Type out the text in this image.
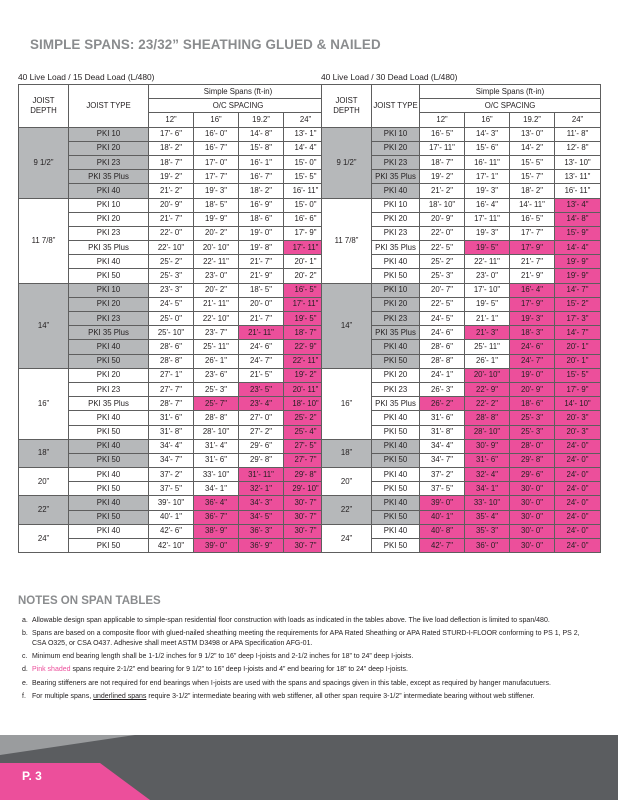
SIMPLE SPANS: 23/32” SHEATHING GLUED & NAILED
40 Live Load / 15 Dead Load (L/480)
JOIST DEPTH	JOIST TYPE	Simple Spans (ft-in)			
		O/C SPACING			
		12”	16”	19.2”	24”
9 1/2”	PKI 10	17'- 6"	16'- 0"	14'- 8"	13'- 1"
	PKI 20	18'- 2"	16'- 7"	15'- 8"	14'- 4"
	PKI 23	18'- 7"	17'- 0"	16'- 1"	15'- 0"
	PKI 35 Plus	19'- 2"	17'- 7"	16'- 7"	15'- 5"
	PKI 40	21'- 2"	19'- 3"	18'- 2"	16'- 11"
11 7/8”	PKI 10	20'- 9"	18'- 5"	16'- 9"	15'- 0"
	PKI 20	21'- 7"	19'- 9"	18'- 6"	16'- 6"
	PKI 23	22'- 0"	20'- 2"	19'- 0"	17'- 9"
	PKI 35 Plus	22'- 10"	20'- 10"	19'- 8"	17'- 11"
	PKI 40	25'- 2"	22'- 11"	21'- 7"	20'- 1"
	PKI 50	25'- 3"	23'- 0"	21'- 9"	20'- 2"
14”	PKI 10	23'- 3"	20'- 2"	18'- 5"	16'- 5"
	PKI 20	24'- 5"	21'- 11"	20'- 0"	17'- 11"
	PKI 23	25'- 0"	22'- 10"	21'- 7"	19'- 5"
	PKI 35 Plus	25'- 10"	23'- 7"	21'- 11"	18'- 7"
	PKI 40	28'- 6"	25'- 11"	24'- 6"	22'- 9"
	PKI 50	28'- 8"	26'- 1"	24'- 7"	22'- 11"
16”	PKI 20	27'- 1"	23'- 6"	21'- 5"	19'- 2"
	PKI 23	27'- 7"	25'- 3"	23'- 5"	20'- 11"
	PKI 35 Plus	28'- 7"	25'- 7"	23'- 4"	18'- 10"
	PKI 40	31'- 6"	28'- 8"	27'- 0"	25'- 2"
	PKI 50	31'- 8"	28'- 10"	27'- 2"	25'- 4"
18”	PKI 40	34'- 4"	31'- 4"	29'- 6"	27'- 5"
	PKI 50	34'- 7"	31'- 6"	29'- 8"	27'- 7"
20”	PKI 40	37'- 2"	33'- 10"	31'- 11"	29'- 8"
	PKI 50	37'- 5"	34'- 1"	32'- 1"	29'- 10"
22”	PKI 40	39'- 10"	36'- 4"	34'- 3"	30'- 7"
	PKI 50	40'- 1"	36'- 7"	34'- 5"	30'- 7"
24”	PKI 40	42'- 6"	38'- 9"	36'- 3"	30'- 7"
	PKI 50	42'- 10"	39'- 0"	36'- 9"	30'- 7"
40 Live Load / 30 Dead Load (L/480)
JOIST DEPTH	JOIST TYPE	Simple Spans (ft-in)			
		O/C SPACING			
		12”	16”	19.2”	24”
9 1/2”	PKI 10	16'- 5"	14'- 3"	13'- 0"	11'- 8"
	PKI 20	17'- 11"	15'- 6"	14'- 2"	12'- 8"
	PKI 23	18'- 7"	16'- 11"	15'- 5"	13'- 10"
	PKI 35 Plus	19'- 2"	17'- 1"	15'- 7"	13'- 11"
	PKI 40	21'- 2"	19'- 3"	18'- 2"	16'- 11"
11 7/8”	PKI 10	18'- 10"	16'- 4"	14'- 11"	13'- 4"
	PKI 20	20'- 9"	17'- 11"	16'- 5"	14'- 8"
	PKI 23	22'- 0"	19'- 3"	17'- 7"	15'- 9"
	PKI 35 Plus	22'- 5"	19'- 5"	17'- 9"	14'- 4"
	PKI 40	25'- 2"	22'- 11"	21'- 7"	19'- 9"
	PKI 50	25'- 3"	23'- 0"	21'- 9"	19'- 9"
14”	PKI 10	20'- 7"	17'- 10"	16'- 4"	14'- 7"
	PKI 20	22'- 5"	19'- 5"	17'- 9"	15'- 2"
	PKI 23	24'- 5"	21'- 1"	19'- 3"	17'- 3"
	PKI 35 Plus	24'- 6"	21'- 3"	18'- 3"	14'- 7"
	PKI 40	28'- 6"	25'- 11"	24'- 6"	20'- 1"
	PKI 50	28'- 8"	26'- 1"	24'- 7"	20'- 1"
16”	PKI 20	24'- 1"	20'- 10"	19'- 0"	15'- 5"
	PKI 23	26'- 3"	22'- 9"	20'- 9"	17'- 9"
	PKI 35 Plus	26'- 2"	22'- 2"	18'- 6"	14'- 10"
	PKI 40	31'- 6"	28'- 8"	25'- 3"	20'- 3"
	PKI 50	31'- 8"	28'- 10"	25'- 3"	20'- 3"
18”	PKI 40	34'- 4"	30'- 9"	28'- 0"	24'- 0"
	PKI 50	34'- 7"	31'- 6"	29'- 8"	24'- 0"
20”	PKI 40	37'- 2"	32'- 4"	29'- 6"	24'- 0"
	PKI 50	37'- 5"	34'- 1"	30'- 0"	24'- 0"
22”	PKI 40	39'- 0"	33'- 10"	30'- 0"	24'- 0"
	PKI 50	40'- 1"	35'- 4"	30'- 0"	24'- 0"
24”	PKI 40	40'- 8"	35'- 3"	30'- 0"	24'- 0"
	PKI 50	42'- 7"	36'- 0"	30'- 0"	24'- 0"
NOTES ON SPAN TABLES
a. Allowable design span applicable to simple-span residential floor construction with loads as indicated in the tables above. The live load deflection is limited to span/480.
b. Spans are based on a composite floor with glued-nailed sheathing meeting the requirements for APA Rated Sheathing or APA Rated STURD-I-FLOOR conforming to PS 1, PS 2, CSA O325, or CSA O437. Adhesive shall meet ASTM D3498 or APA Specification AFG-01.
c. Minimum end bearing length shall be 1-1/2 inches for 9 1/2” to 16” deep I-joists and 2-1/2 inches for 18” to 24” deep I-joists.
d. Pink shaded spans require 2-1/2” end bearing for 9 1/2” to 16” deep I-joists and 4” end bearing for 18” to 24” deep I-joists.
e. Bearing stiffeners are not required for end bearings when I-joists are used with the spans and spacings given in this table, except as required by hanger manufacutuers.
f. For multiple spans, underlined spans require 3-1/2” intermediate bearing with web stiffener, all other span require 3-1/2” intermediate bearing without web stiffener.
P. 3
